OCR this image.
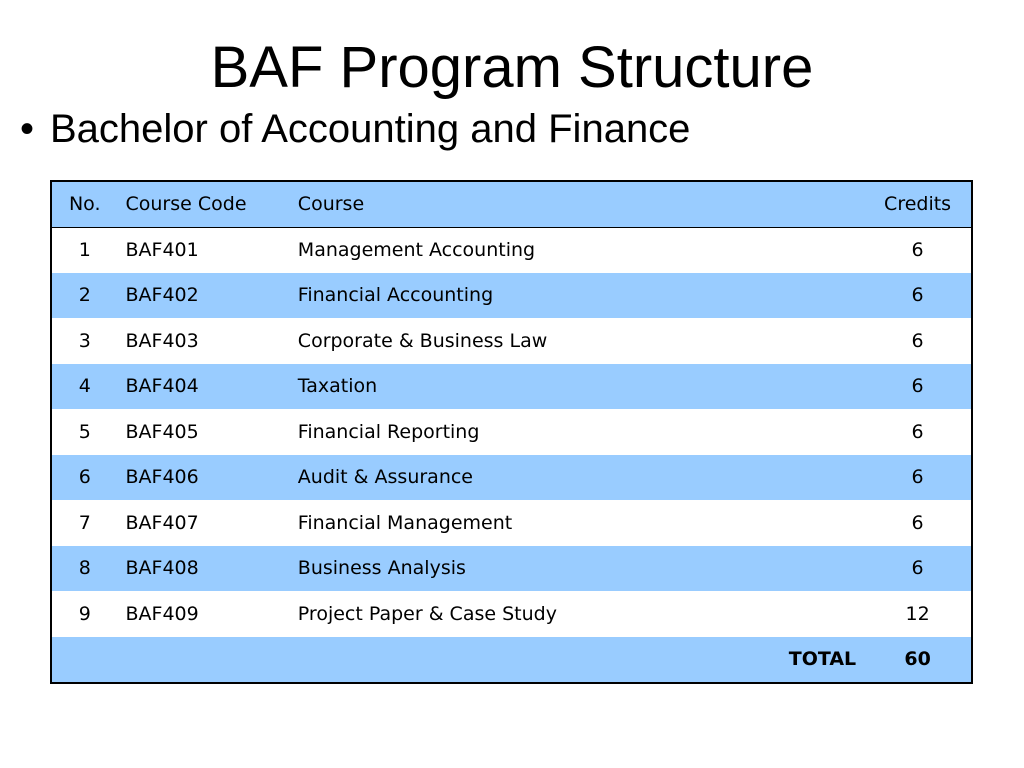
BAF Program Structure
• Bachelor of Accounting and Finance
No.	Course Code	Course	Credits
1	BAF401	Management Accounting	6
2	BAF402	Financial Accounting	6
3	BAF403	Corporate & Business Law	6
4	BAF404	Taxation	6
5	BAF405	Financial Reporting	6
6	BAF406	Audit & Assurance	6
7	BAF407	Financial Management	6
8	BAF408	Business Analysis	6
9	BAF409	Project Paper & Case Study	12
TOTAL			60
